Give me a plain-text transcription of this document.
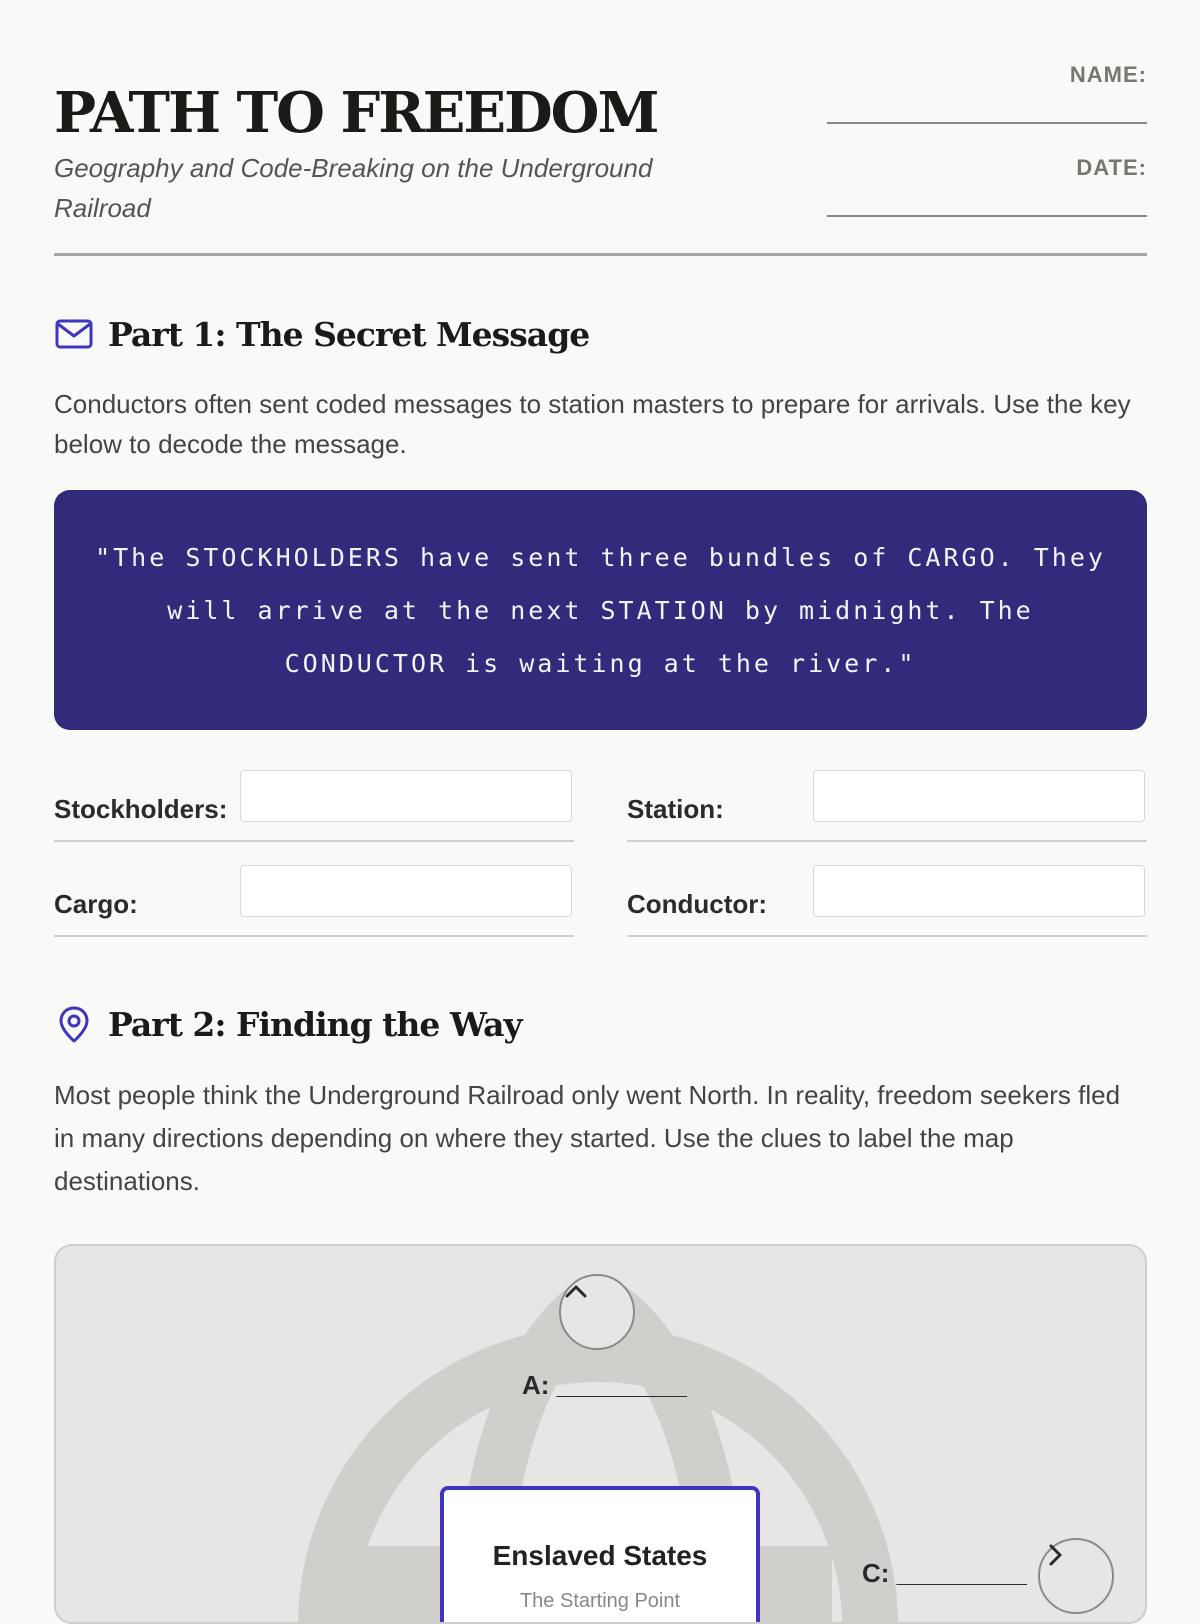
PATH TO FREEDOM
Geography and Code-Breaking on the Underground Railroad
NAME:
DATE:
Part 1: The Secret Message
Conductors often sent coded messages to station masters to prepare for arrivals. Use the key below to decode the message.
"The STOCKHOLDERS have sent three bundles of CARGO. They will arrive at the next STATION by midnight. The CONDUCTOR is waiting at the river."
Stockholders:	Station:
Cargo:	Conductor:
Part 2: Finding the Way
Most people think the Underground Railroad only went North. In reality, freedom seekers fled in many directions depending on where they started. Use the clues to label the map destinations.
A: _________
C: _________
Enslaved States
The Starting Point
